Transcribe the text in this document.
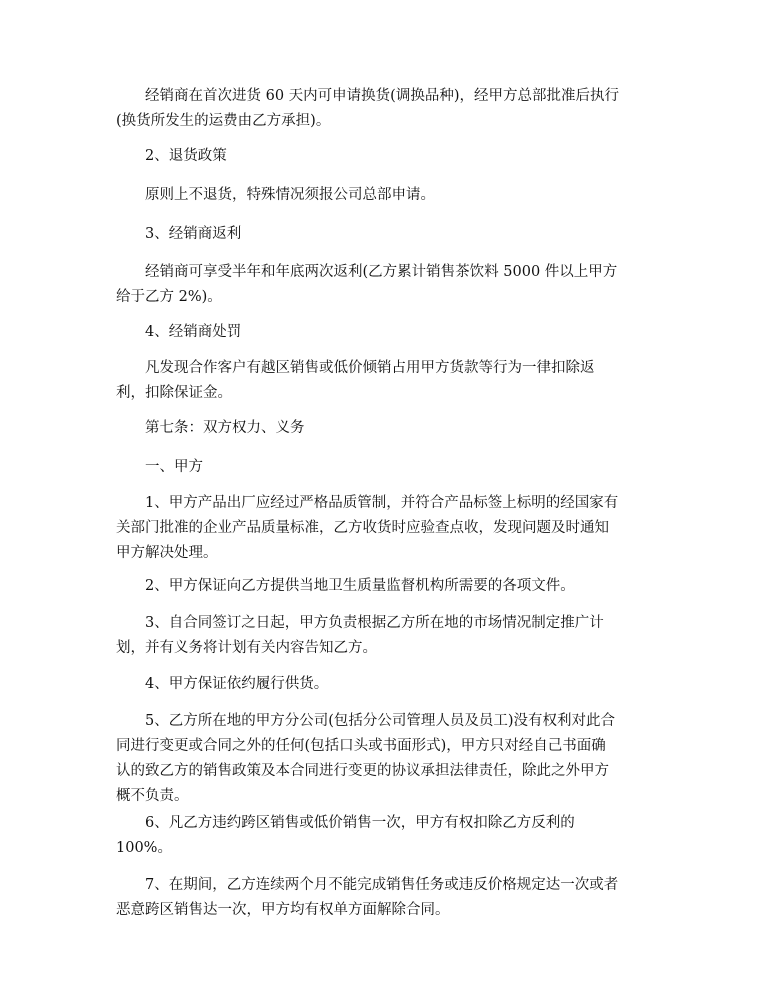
　　经销商在首次进货 60 天内可申请换货(调换品种)，经甲方总部批准后执行
(换货所发生的运费由乙方承担)。
　　2、退货政策
　　原则上不退货，特殊情况须报公司总部申请。
　　3、经销商返利
　　经销商可享受半年和年底两次返利(乙方累计销售茶饮料 5000 件以上甲方
给于乙方 2%)。
　　4、经销商处罚
　　凡发现合作客户有越区销售或低价倾销占用甲方货款等行为一律扣除返
利，扣除保证金。
　　第七条：双方权力、义务
　　一、甲方
　　1、甲方产品出厂应经过严格品质管制，并符合产品标签上标明的经国家有
关部门批准的企业产品质量标准，乙方收货时应验查点收，发现问题及时通知
甲方解决处理。
　　2、甲方保证向乙方提供当地卫生质量监督机构所需要的各项文件。
　　3、自合同签订之日起，甲方负责根据乙方所在地的市场情况制定推广计
划，并有义务将计划有关内容告知乙方。
　　4、甲方保证依约履行供货。
　　5、乙方所在地的甲方分公司(包括分公司管理人员及员工)没有权利对此合
同进行变更或合同之外的任何(包括口头或书面形式)，甲方只对经自己书面确
认的致乙方的销售政策及本合同进行变更的协议承担法律责任，除此之外甲方
概不负责。
　　6、凡乙方违约跨区销售或低价销售一次，甲方有权扣除乙方反利的
100%。
　　7、在期间，乙方连续两个月不能完成销售任务或违反价格规定达一次或者
恶意跨区销售达一次，甲方均有权单方面解除合同。
